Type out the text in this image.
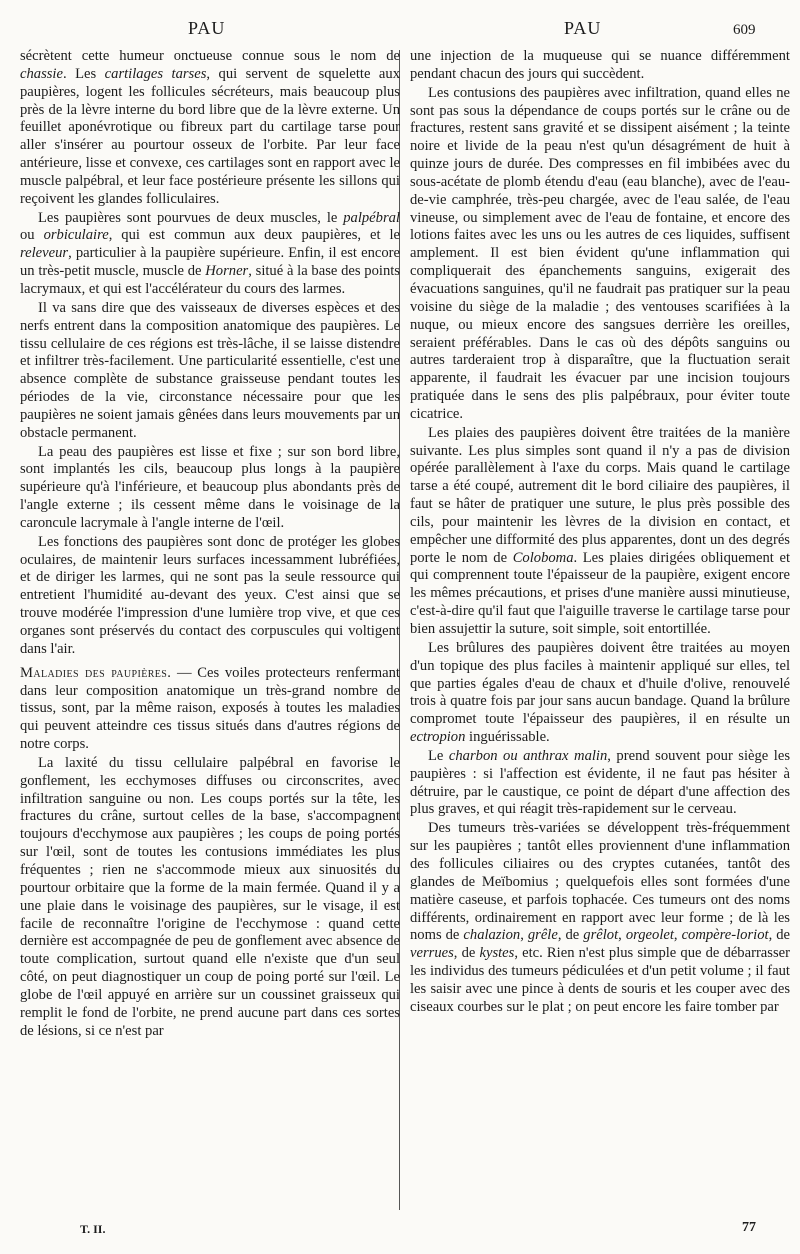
PAU	PAU	609

sécrètent cette humeur onctueuse connue sous le nom de chassie. Les cartilages tarses, qui servent de squelette aux paupières, logent les follicules sécréteurs, mais beaucoup plus près de la lèvre interne du bord libre que de la lèvre externe. Un feuillet aponévrotique ou fibreux part du cartilage tarse pour aller s'insérer au pourtour osseux de l'orbite. Par leur face antérieure, lisse et convexe, ces cartilages sont en rapport avec le muscle palpébral, et leur face postérieure présente les sillons qui reçoivent les glandes folliculaires.

Les paupières sont pourvues de deux muscles, le palpébral ou orbiculaire, qui est commun aux deux paupières, et le releveur, particulier à la paupière supérieure. Enfin, il est encore un très-petit muscle, muscle de Horner, situé à la base des points lacrymaux, et qui est l'accélérateur du cours des larmes.

Il va sans dire que des vaisseaux de diverses espèces et des nerfs entrent dans la composition anatomique des paupières. Le tissu cellulaire de ces régions est très-lâche, il se laisse distendre et infiltrer très-facilement. Une particularité essentielle, c'est une absence complète de substance graisseuse pendant toutes les périodes de la vie, circonstance nécessaire pour que les paupières ne soient jamais gênées dans leurs mouvements par un obstacle permanent.

La peau des paupières est lisse et fixe ; sur son bord libre, sont implantés les cils, beaucoup plus longs à la paupière supérieure qu'à l'inférieure, et beaucoup plus abondants près de l'angle externe ; ils cessent même dans le voisinage de la caroncule lacrymale à l'angle interne de l'œil.

Les fonctions des paupières sont donc de protéger les globes oculaires, de maintenir leurs surfaces incessamment lubréfiées, et de diriger les larmes, qui ne sont pas la seule ressource qui entretient l'humidité au-devant des yeux. C'est ainsi que se trouve modérée l'impression d'une lumière trop vive, et que ces organes sont préservés du contact des corpuscules qui voltigent dans l'air.

Maladies des paupières. — Ces voiles protecteurs renfermant dans leur composition anatomique un très-grand nombre de tissus, sont, par la même raison, exposés à toutes les maladies qui peuvent atteindre ces tissus situés dans d'autres régions de notre corps.

La laxité du tissu cellulaire palpébral en favorise le gonflement, les ecchymoses diffuses ou circonscrites, avec infiltration sanguine ou non. Les coups portés sur la tête, les fractures du crâne, surtout celles de la base, s'accompagnent toujours d'ecchymose aux paupières ; les coups de poing portés sur l'œil, sont de toutes les contusions immédiates les plus fréquentes ; rien ne s'accommode mieux aux sinuosités du pourtour orbitaire que la forme de la main fermée. Quand il y a une plaie dans le voisinage des paupières, sur le visage, il est facile de reconnaître l'origine de l'ecchymose : quand cette dernière est accompagnée de peu de gonflement avec absence de toute complication, surtout quand elle n'existe que d'un seul côté, on peut diagnostiquer un coup de poing porté sur l'œil. Le globe de l'œil appuyé en arrière sur un coussinet graisseux qui remplit le fond de l'orbite, ne prend aucune part dans ces sortes de lésions, si ce n'est par

une injection de la muqueuse qui se nuance différemment pendant chacun des jours qui succèdent.

Les contusions des paupières avec infiltration, quand elles ne sont pas sous la dépendance de coups portés sur le crâne ou de fractures, restent sans gravité et se dissipent aisément ; la teinte noire et livide de la peau n'est qu'un désagrément de huit à quinze jours de durée. Des compresses en fil imbibées avec du sous-acétate de plomb étendu d'eau (eau blanche), avec de l'eau-de-vie camphrée, très-peu chargée, avec de l'eau salée, de l'eau vineuse, ou simplement avec de l'eau de fontaine, et encore des lotions faites avec les uns ou les autres de ces liquides, suffisent amplement. Il est bien évident qu'une inflammation qui compliquerait des épanchements sanguins, exigerait des évacuations sanguines, qu'il ne faudrait pas pratiquer sur la peau voisine du siège de la maladie ; des ventouses scarifiées à la nuque, ou mieux encore des sangsues derrière les oreilles, seraient préférables. Dans le cas où des dépôts sanguins ou autres tarderaient trop à disparaître, que la fluctuation serait apparente, il faudrait les évacuer par une incision toujours pratiquée dans le sens des plis palpébraux, pour éviter toute cicatrice.

Les plaies des paupières doivent être traitées de la manière suivante. Les plus simples sont quand il n'y a pas de division opérée parallèlement à l'axe du corps. Mais quand le cartilage tarse a été coupé, autrement dit le bord ciliaire des paupières, il faut se hâter de pratiquer une suture, le plus près possible des cils, pour maintenir les lèvres de la division en contact, et empêcher une difformité des plus apparentes, dont un des degrés porte le nom de Coloboma. Les plaies dirigées obliquement et qui comprennent toute l'épaisseur de la paupière, exigent encore les mêmes précautions, et prises d'une manière aussi minutieuse, c'est-à-dire qu'il faut que l'aiguille traverse le cartilage tarse pour bien assujettir la suture, soit simple, soit entortillée.

Les brûlures des paupières doivent être traitées au moyen d'un topique des plus faciles à maintenir appliqué sur elles, tel que parties égales d'eau de chaux et d'huile d'olive, renouvelé trois à quatre fois par jour sans aucun bandage. Quand la brûlure compromet toute l'épaisseur des paupières, il en résulte un ectropion inguérissable.

Le charbon ou anthrax malin, prend souvent pour siège les paupières : si l'affection est évidente, il ne faut pas hésiter à détruire, par le caustique, ce point de départ d'une affection des plus graves, et qui réagit très-rapidement sur le cerveau.

Des tumeurs très-variées se développent très-fréquemment sur les paupières ; tantôt elles proviennent d'une inflammation des follicules ciliaires ou des cryptes cutanées, tantôt des glandes de Meïbomius ; quelquefois elles sont formées d'une matière caseuse, et parfois tophacée. Ces tumeurs ont des noms différents, ordinairement en rapport avec leur forme ; de là les noms de chalazion, grêle, de grêlot, orgeolet, compère-loriot, de verrues, de kystes, etc. Rien n'est plus simple que de débarrasser les individus des tumeurs pédiculées et d'un petit volume ; il faut les saisir avec une pince à dents de souris et les couper avec des ciseaux courbes sur le plat ; on peut encore les faire tomber par

T. II.	77
